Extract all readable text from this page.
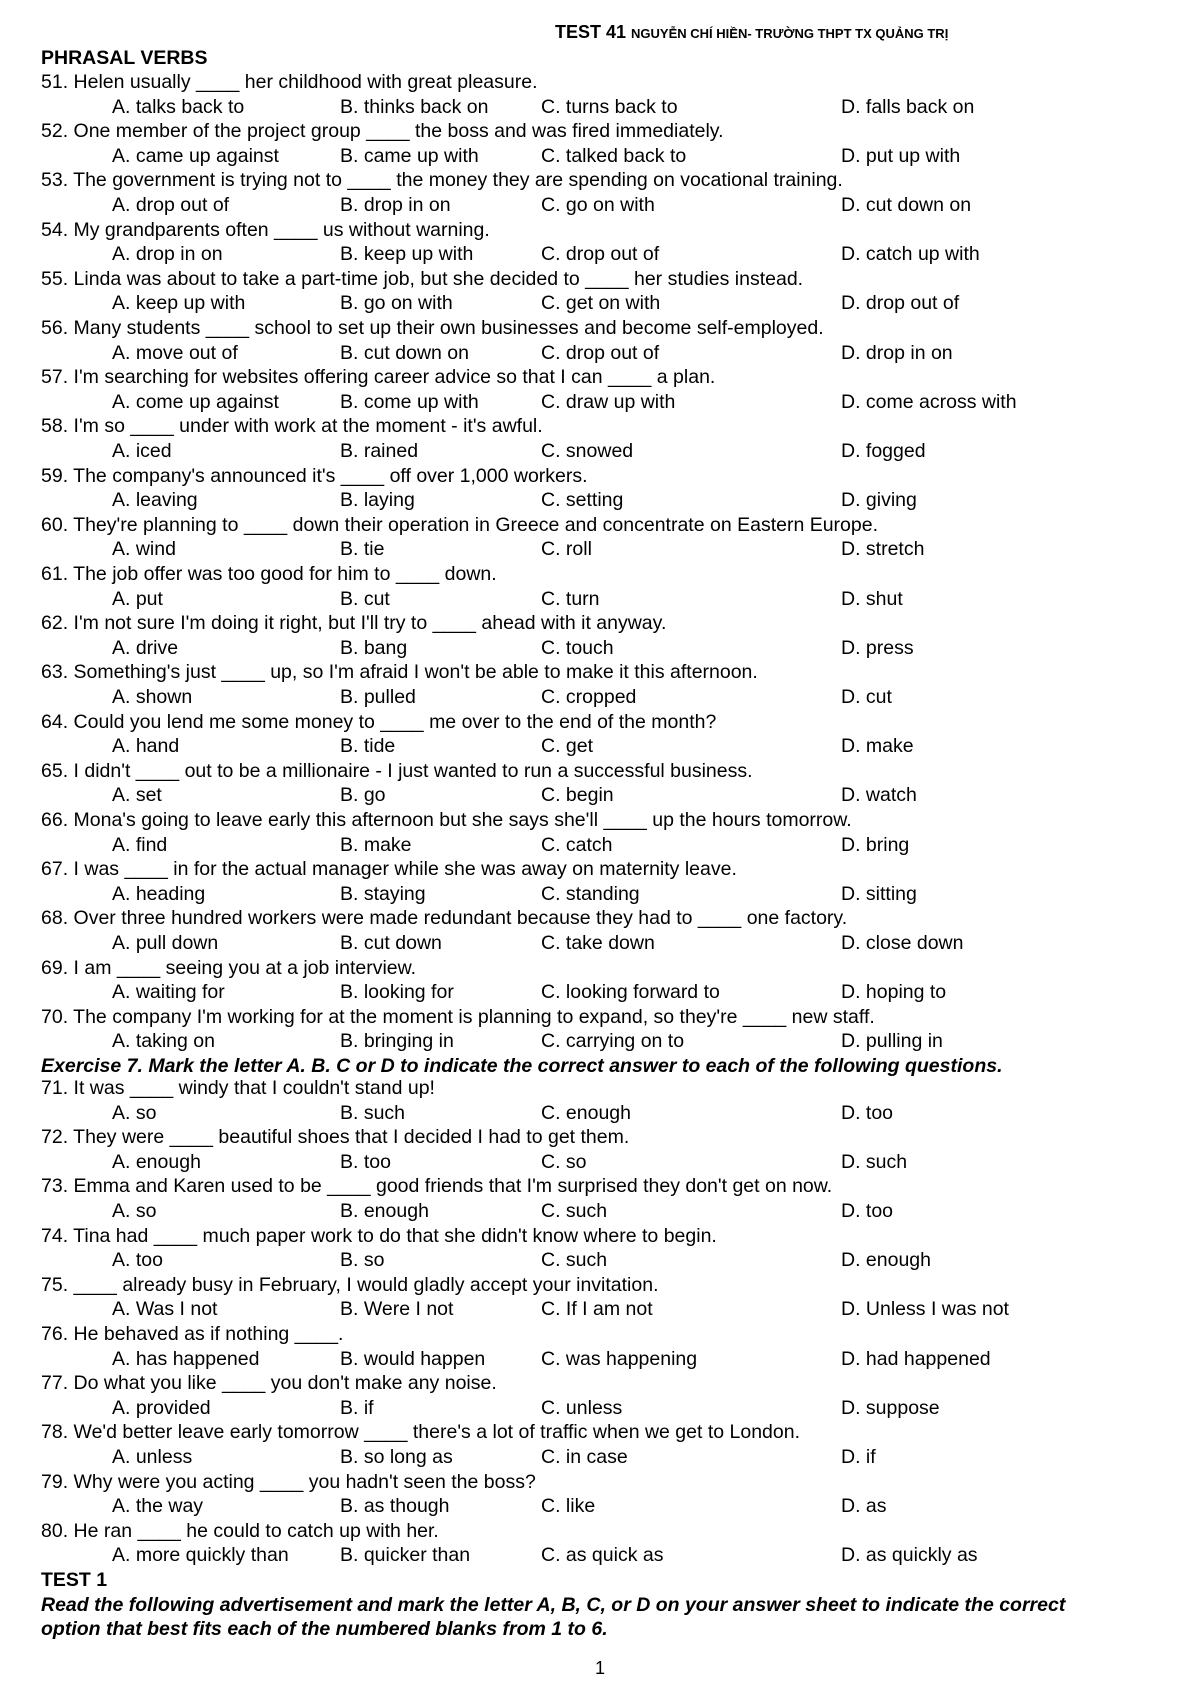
TEST 41 NGUYỄN CHÍ HIỀN- TRƯỜNG THPT TX QUẢNG TRỊ
PHRASAL VERBS
51. Helen usually ____ her childhood with great pleasure.
A. talks back to	B. thinks back on	C. turns back to	D. falls back on
52. One member of the project group ____ the boss and was fired immediately.
A. came up against	B. came up with	C. talked back to	D. put up with
53. The government is trying not to ____ the money they are spending on vocational training.
A. drop out of	B. drop in on	C. go on with	D. cut down on
54. My grandparents often ____ us without warning.
A. drop in on	B. keep up with	C. drop out of	D. catch up with
55. Linda was about to take a part-time job, but she decided to ____ her studies instead.
A. keep up with	B. go on with	C. get on with	D. drop out of
56. Many students ____ school to set up their own businesses and become self-employed.
A. move out of	B. cut down on	C. drop out of	D. drop in on
57. I'm searching for websites offering career advice so that I can ____ a plan.
A. come up against	B. come up with	C. draw up with	D. come across with
58. I'm so ____ under with work at the moment - it's awful.
A. iced	B. rained	C. snowed	D. fogged
59. The company's announced it's ____ off over 1,000 workers.
A. leaving	B. laying	C. setting	D. giving
60. They're planning to ____ down their operation in Greece and concentrate on Eastern Europe.
A. wind	B. tie	C. roll	D. stretch
61. The job offer was too good for him to ____ down.
A. put	B. cut	C. turn	D. shut
62. I'm not sure I'm doing it right, but I'll try to ____ ahead with it anyway.
A. drive	B. bang	C. touch	D. press
63. Something's just ____ up, so I'm afraid I won't be able to make it this afternoon.
A. shown	B. pulled	C. cropped	D. cut
64. Could you lend me some money to ____ me over to the end of the month?
A. hand	B. tide	C. get	D. make
65. I didn't ____ out to be a millionaire - I just wanted to run a successful business.
A. set	B. go	C. begin	D. watch
66. Mona's going to leave early this afternoon but she says she'll ____ up the hours tomorrow.
A. find	B. make	C. catch	D. bring
67. I was ____ in for the actual manager while she was away on maternity leave.
A. heading	B. staying	C. standing	D. sitting
68. Over three hundred workers were made redundant because they had to ____ one factory.
A. pull down	B. cut down	C. take down	D. close down
69. I am ____ seeing you at a job interview.
A. waiting for	B. looking for	C. looking forward to	D. hoping to
70. The company I'm working for at the moment is planning to expand, so they're ____ new staff.
A. taking on	B. bringing in	C. carrying on to	D. pulling in
71. It was ____ windy that I couldn't stand up!
A. so	B. such	C. enough	D. too
72. They were ____ beautiful shoes that I decided I had to get them.
A. enough	B. too	C. so	D. such
73. Emma and Karen used to be ____ good friends that I'm surprised they don't get on now.
A. so	B. enough	C. such	D. too
74. Tina had ____ much paper work to do that she didn't know where to begin.
A. too	B. so	C. such	D. enough
75. ____ already busy in February, I would gladly accept your invitation.
A. Was I not	B. Were I not	C. If I am not	D. Unless I was not
76. He behaved as if nothing ____.
A. has happened	B. would happen	C. was happening	D. had happened
77. Do what you like ____ you don't make any noise.
A. provided	B. if	C. unless	D. suppose
78. We'd better leave early tomorrow ____ there's a lot of traffic when we get to London.
A. unless	B. so long as	C. in case	D. if
79. Why were you acting ____ you hadn't seen the boss?
A. the way	B. as though	C. like	D. as
80. He ran ____ he could to catch up with her.
A. more quickly than	B. quicker than	C. as quick as	D. as quickly as
Exercise 7. Mark the letter A. B. C or D to indicate the correct answer to each of the following questions.
TEST 1
Read the following advertisement and mark the letter A, B, C, or D on your answer sheet to indicate the correct
option that best fits each of the numbered blanks from 1 to 6.
1
